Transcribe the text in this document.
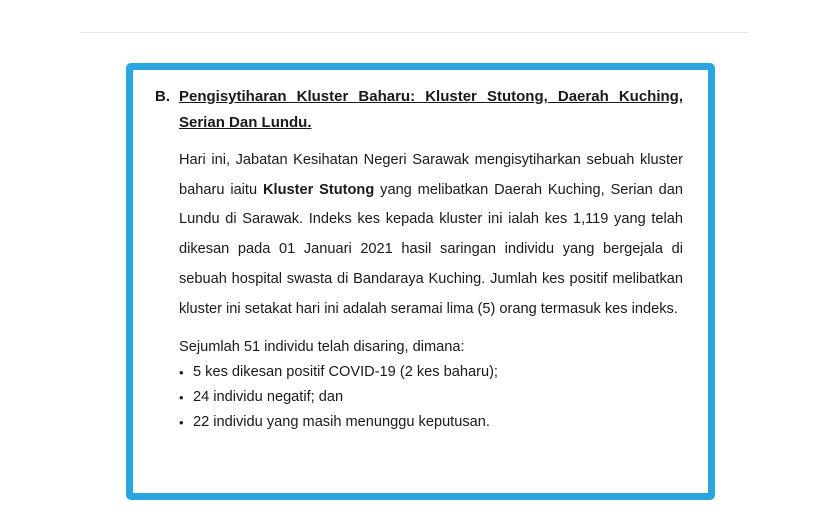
B. Pengisytiharan Kluster Baharu: Kluster Stutong, Daerah Kuching, Serian Dan Lundu.

Hari ini, Jabatan Kesihatan Negeri Sarawak mengisytiharkan sebuah kluster baharu iaitu Kluster Stutong yang melibatkan Daerah Kuching, Serian dan Lundu di Sarawak. Indeks kes kepada kluster ini ialah kes 1,119 yang telah dikesan pada 01 Januari 2021 hasil saringan individu yang bergejala di sebuah hospital swasta di Bandaraya Kuching. Jumlah kes positif melibatkan kluster ini setakat hari ini adalah seramai lima (5) orang termasuk kes indeks.

Sejumlah 51 individu telah disaring, dimana:
• 5 kes dikesan positif COVID-19 (2 kes baharu);
• 24 individu negatif; dan
• 22 individu yang masih menunggu keputusan.
